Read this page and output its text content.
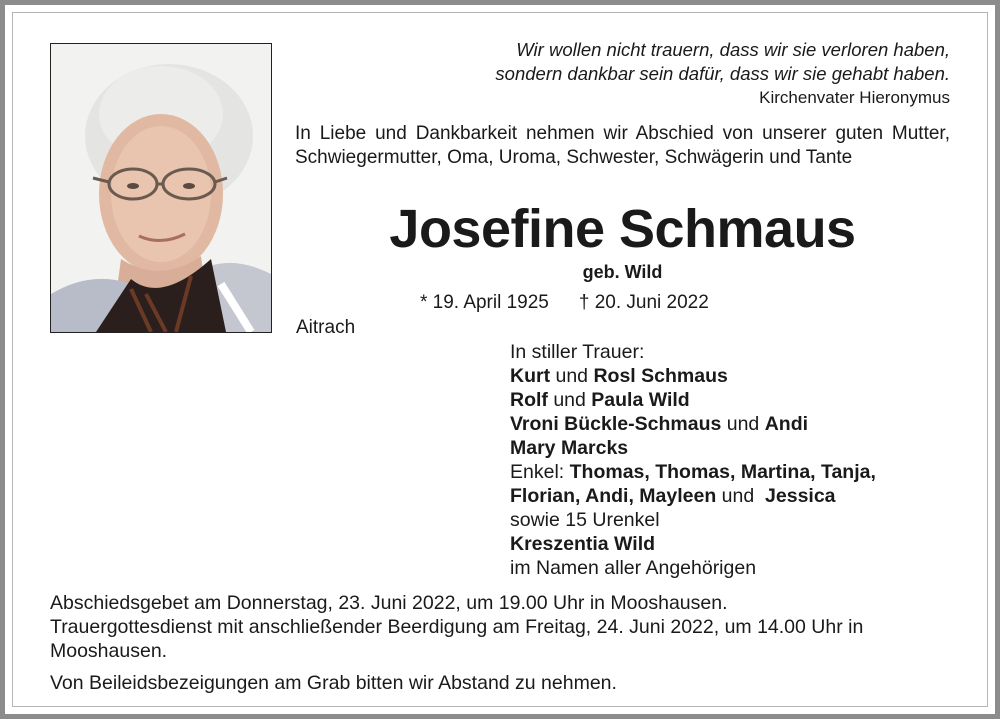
Wir wollen nicht trauern, dass wir sie verloren haben,
sondern dankbar sein dafür, dass wir sie gehabt haben.
Kirchenvater Hieronymus
In Liebe und Dankbarkeit nehmen wir Abschied von unserer guten Mutter, Schwiegermutter, Oma, Uroma, Schwester, Schwägerin und Tante
Josefine Schmaus
geb. Wild
* 19. April 1925 † 20. Juni 2022
Aitrach
In stiller Trauer:
Kurt und Rosl Schmaus
Rolf und Paula Wild
Vroni Bückle-Schmaus und Andi
Mary Marcks
Enkel: Thomas, Thomas, Martina, Tanja,
Florian, Andi, Mayleen und  Jessica
sowie 15 Urenkel
Kreszentia Wild
im Namen aller Angehörigen

Abschiedsgebet am Donnerstag, 23. Juni 2022, um 19.00 Uhr in Mooshausen.

Trauergottesdienst mit anschließender Beerdigung am Freitag, 24. Juni 2022, um 14.00 Uhr in Mooshausen.

Von Beileidsbezeigungen am Grab bitten wir Abstand zu nehmen.
